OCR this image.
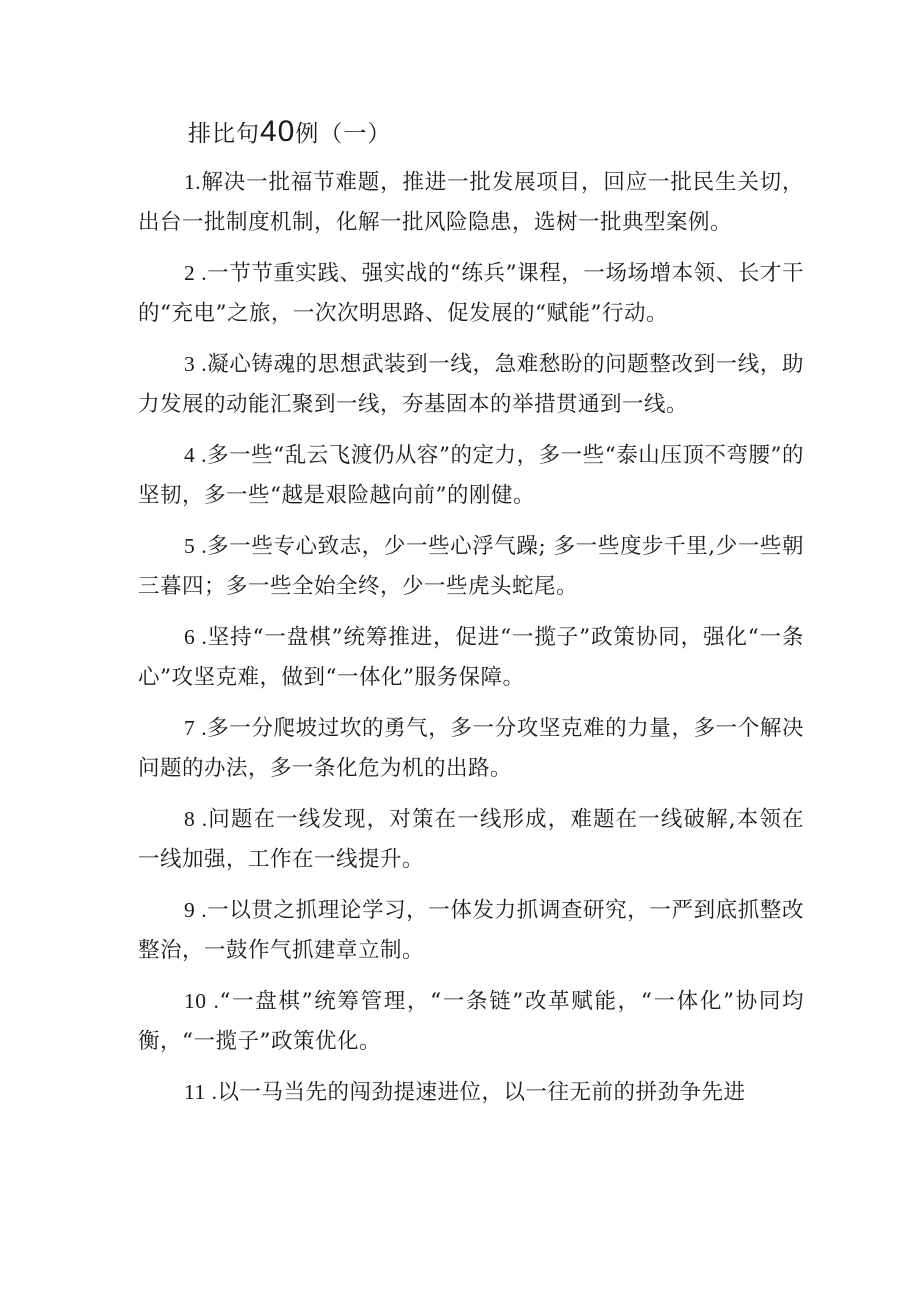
排比句40例（一）
1.解决一批福节难题，推进一批发展项目，回应一批民生关切，出台一批制度机制，化解一批风险隐患，选树一批典型案例。
2 .一节节重实践、强实战的“练兵”课程，一场场增本领、长才干的“充电”之旅，一次次明思路、促发展的“赋能”行动。
3 .凝心铸魂的思想武装到一线，急难愁盼的问题整改到一线，助力发展的动能汇聚到一线，夯基固本的举措贯通到一线。
4 .多一些“乱云飞渡仍从容”的定力，多一些“泰山压顶不弯腰”的坚韧，多一些“越是艰险越向前”的刚健。
5 .多一些专心致志，少一些心浮气躁; 多一些度步千里,少一些朝三暮四；多一些全始全终，少一些虎头蛇尾。
6 .坚持“一盘棋”统筹推进，促进“一揽子”政策协同，强化“一条心”攻坚克难，做到“一体化”服务保障。
7 .多一分爬坡过坎的勇气，多一分攻坚克难的力量，多一个解决问题的办法，多一条化危为机的出路。
8 .问题在一线发现，对策在一线形成，难题在一线破解,本领在一线加强，工作在一线提升。
9 .一以贯之抓理论学习，一体发力抓调查研究，一严到底抓整改整治，一鼓作气抓建章立制。
10 .“一盘棋”统筹管理，“一条链”改革赋能，“一体化”协同均衡，“一揽子”政策优化。
11 .以一马当先的闯劲提速进位，以一往无前的拼劲争先进
